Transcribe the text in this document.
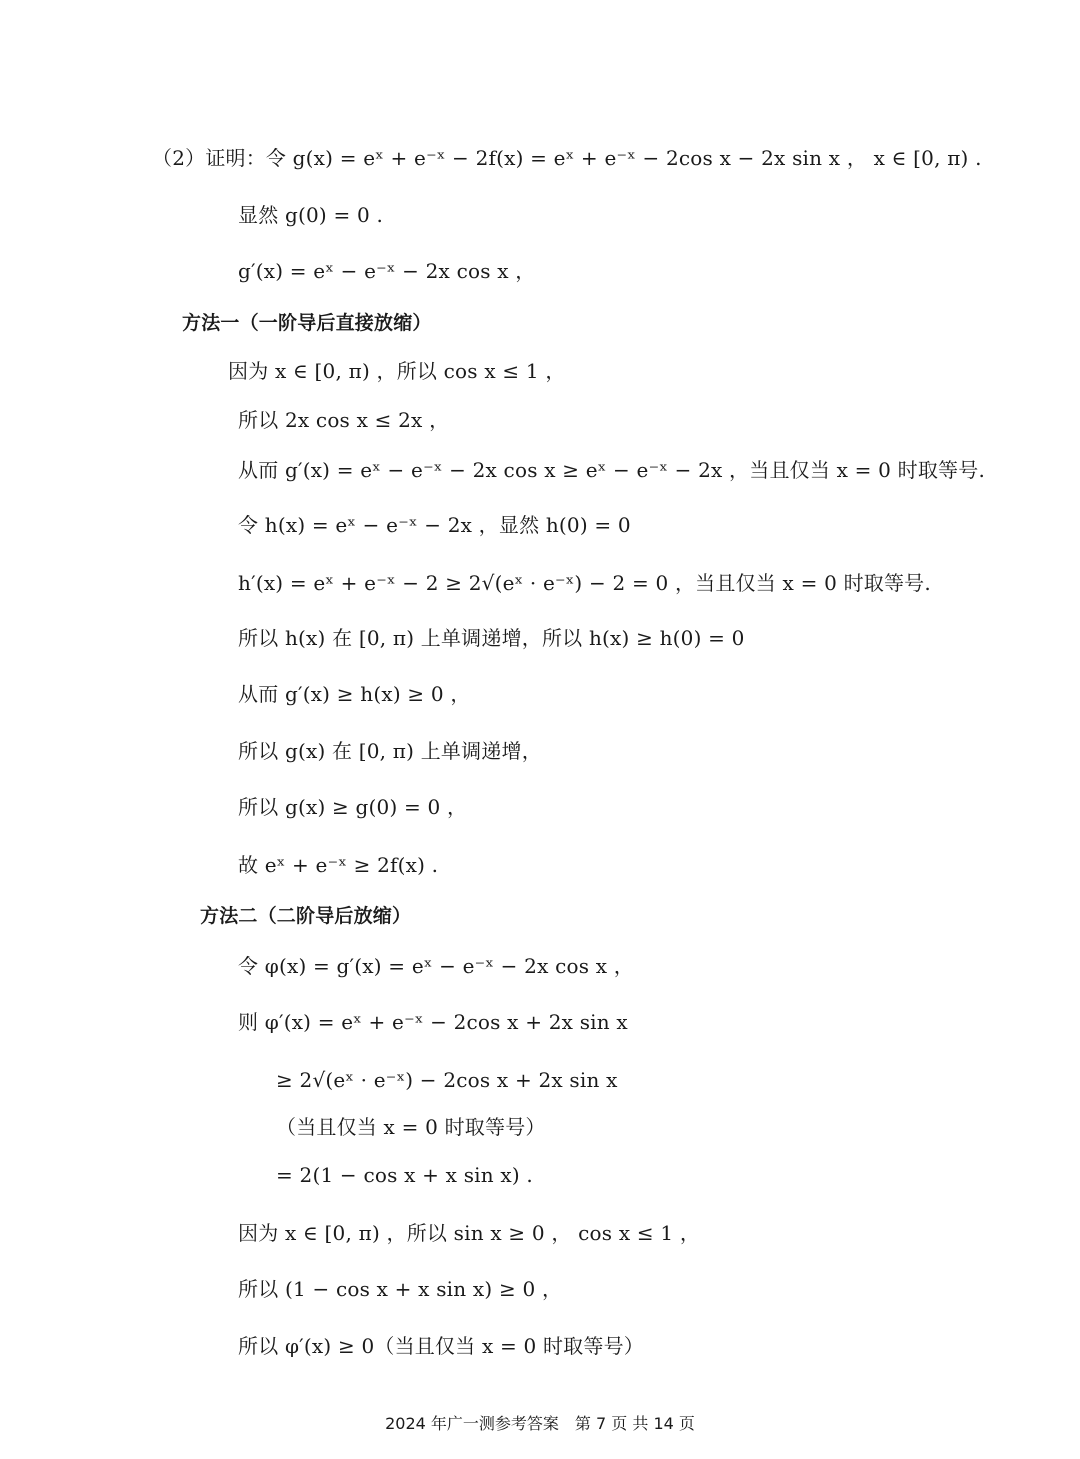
（2）证明：令 g(x) = eˣ + e⁻ˣ − 2f(x) = eˣ + e⁻ˣ − 2cos x − 2x sin x ， x ∈ [0, π) .
显然 g(0) = 0 .
g′(x) = eˣ − e⁻ˣ − 2x cos x ，
方法一（一阶导后直接放缩）
因为 x ∈ [0, π) ，所以 cos x ≤ 1 ，
所以 2x cos x ≤ 2x ，
从而 g′(x) = eˣ − e⁻ˣ − 2x cos x ≥ eˣ − e⁻ˣ − 2x ，当且仅当 x = 0 时取等号.
令 h(x) = eˣ − e⁻ˣ − 2x ，显然 h(0) = 0
h′(x) = eˣ + e⁻ˣ − 2 ≥ 2√(eˣ · e⁻ˣ) − 2 = 0 ，当且仅当 x = 0 时取等号.
所以 h(x) 在 [0, π) 上单调递增，所以 h(x) ≥ h(0) = 0
从而 g′(x) ≥ h(x) ≥ 0 ，
所以 g(x) 在 [0, π) 上单调递增，
所以 g(x) ≥ g(0) = 0 ，
故 eˣ + e⁻ˣ ≥ 2f(x) .
方法二（二阶导后放缩）
令 φ(x) = g′(x) = eˣ − e⁻ˣ − 2x cos x ，
则 φ′(x) = eˣ + e⁻ˣ − 2cos x + 2x sin x
≥ 2√(eˣ · e⁻ˣ) − 2cos x + 2x sin x
（当且仅当 x = 0 时取等号）
= 2(1 − cos x + x sin x) .
因为 x ∈ [0, π) ，所以 sin x ≥ 0 ， cos x ≤ 1 ，
所以 (1 − cos x + x sin x) ≥ 0 ，
所以 φ′(x) ≥ 0（当且仅当 x = 0 时取等号）
2024 年广一测参考答案　第 7 页 共 14 页
